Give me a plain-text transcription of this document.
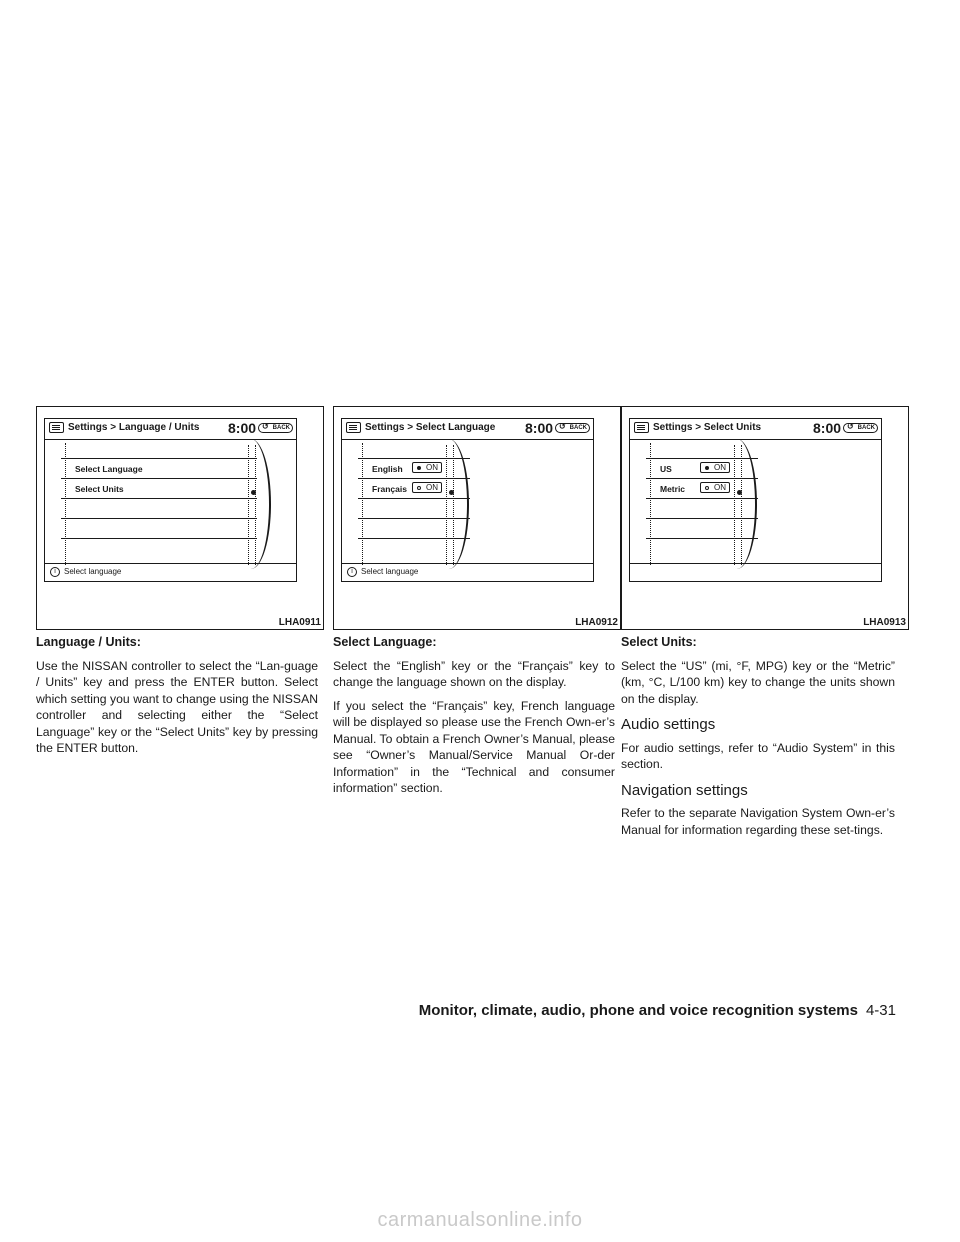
Settings > Language / Units 8:00 ↺ BACK
Select Language
Select Units
i	Select language
LHA0911
Settings > Select Language 8:00 ↺ BACK
English	ON
Français	ON
i	Select language
LHA0912
Settings > Select Units	8:00 ↺ BACK
US	ON
Metric	ON
LHA0913
Language / Units:

Use the NISSAN controller to select the “Lan-guage / Units” key and press the ENTER button. Select which setting you want to change using the NISSAN controller and selecting either the “Select Language” key or the “Select Units” key by pressing the ENTER button.

Select Language:

Select the “English” key or the “Français” key to change the language shown on the display.

If you select the “Français” key, French language will be displayed so please use the French Own-er’s Manual. To obtain a French Owner’s Manual, please see “Owner’s Manual/Service Manual Or-der Information” in the “Technical and consumer information” section.

Select Units:

Select the “US” (mi, °F, MPG) key or the “Metric” (km, °C, L/100 km) key to change the units shown on the display.

Audio settings

For audio settings, refer to “Audio System” in this section.

Navigation settings

Refer to the separate Navigation System Own-er’s Manual for information regarding these set-tings.

Monitor, climate, audio, phone and voice recognition systems 4-31
carmanualsonline.info
